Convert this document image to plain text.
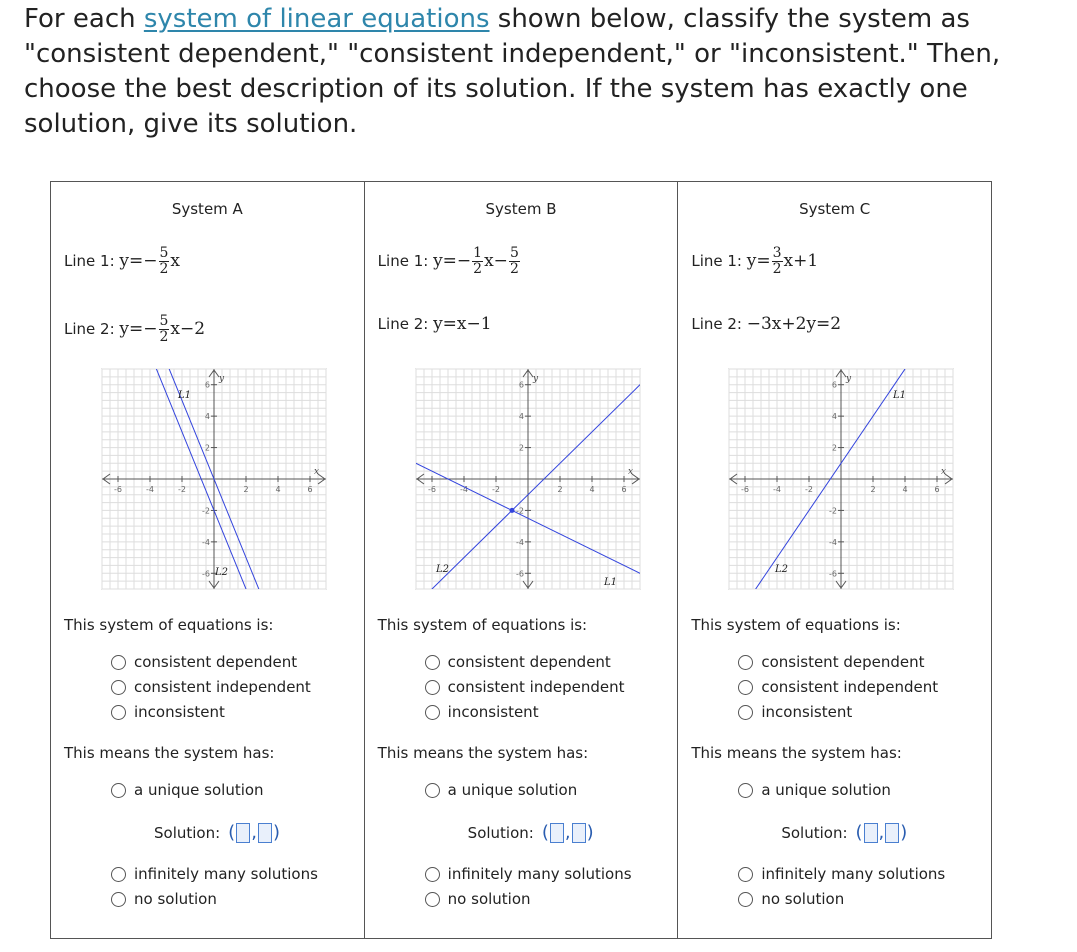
For each system of linear equations shown below, classify the system as "consistent dependent," "consistent independent," or "inconsistent." Then, choose the best description of its solution. If the system has exactly one solution, give its solution.
System A
Line 1: $y=- \frac{5}{2}$ x
Line 2: $y=- \frac{5}{2} x-2$
-6
-6
-4
-4
-2
-2
2
2
4
4
6
6
x
y
L1
L2
This system of equations is:
consistent dependent
consistent independent
inconsistent
This means the system has:
a unique solution
Solution: ( , )
infinitely many solutions
no solution
System B
Line 1: $y=- \frac{1}{2} x- \frac{5}{2}$
Line 2: y=x−1
-6
-6
-4
-4
-2
-2
2
2
4
4
6
6
x
y
L1
L2
This system of equations is:
consistent dependent
consistent independent
inconsistent
This means the system has:
a unique solution
Solution: ( , )
infinitely many solutions
no solution
System C
Line 1: $y= \frac{3}{2} x+1$
Line 2: −3x+2y=2
-6
-6
-4
-4
-2
-2
2
2
4
4
6
6
x
y
L1
L2
This system of equations is:
consistent dependent
consistent independent
inconsistent
This means the system has:
a unique solution
Solution: ( , )
infinitely many solutions
no solution
